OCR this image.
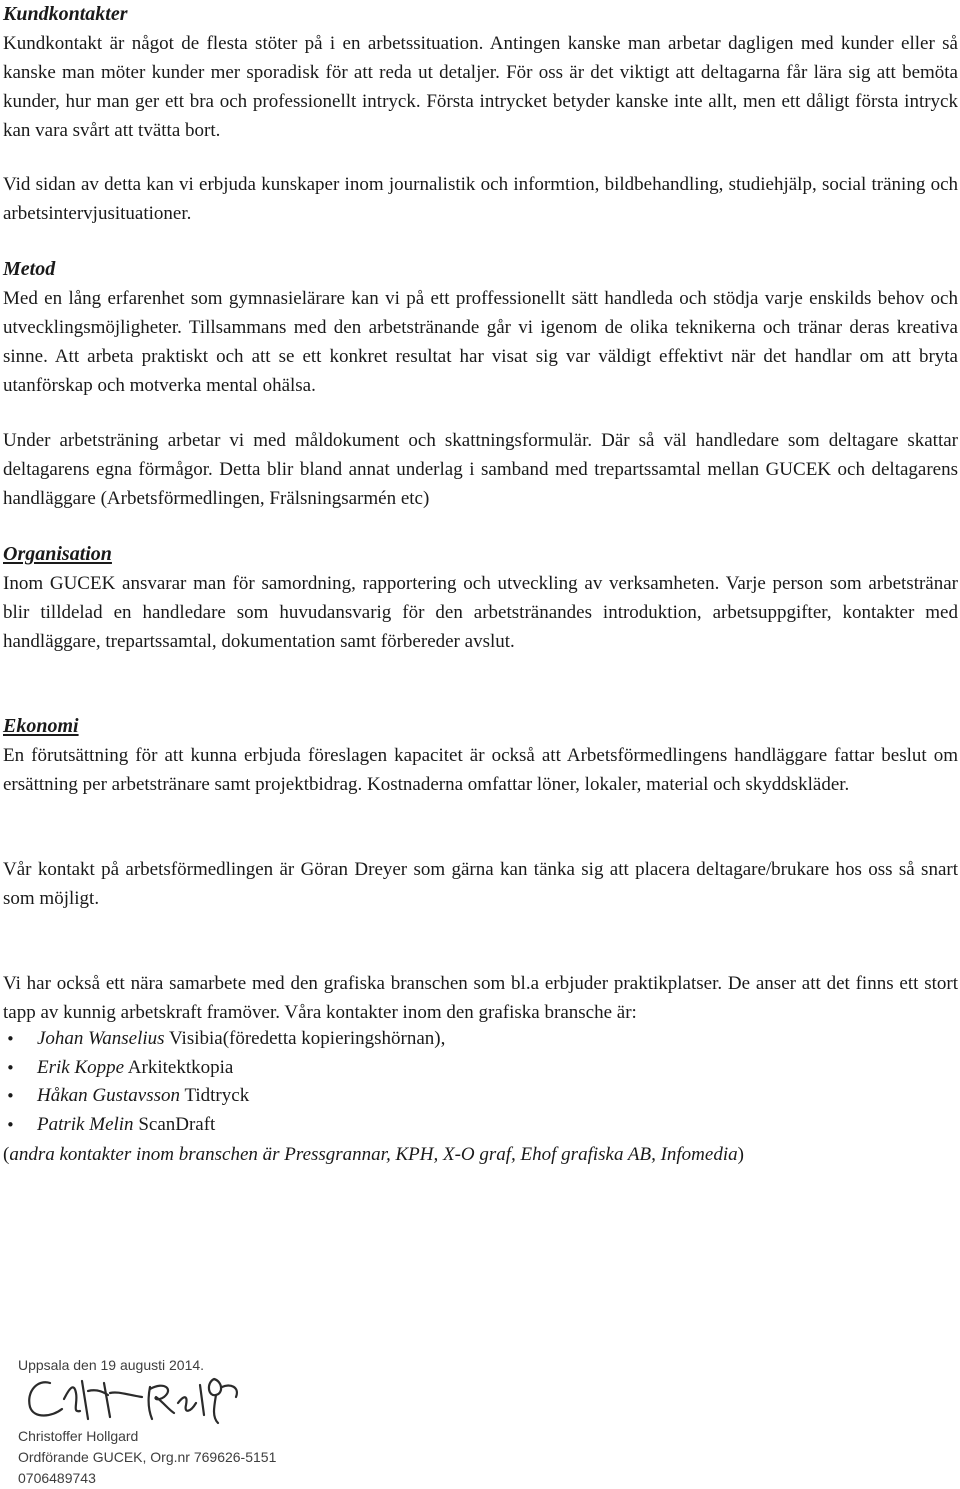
Kundkontakter

Kundkontakt är något de flesta stöter på i en arbetssituation. Antingen kanske man arbetar dagligen med kunder eller så kanske man möter kunder mer sporadisk för att reda ut detaljer. För oss är det viktigt att deltagarna får lära sig att bemöta kunder, hur man ger ett bra och professionellt intryck. Första intrycket betyder kanske inte allt, men ett dåligt första intryck kan vara svårt att tvätta bort.

Vid sidan av detta kan vi erbjuda kunskaper inom journalistik och informtion, bildbehandling, studiehjälp, social träning och arbetsintervjusituationer.

Metod

Med en lång erfarenhet som gymnasielärare kan vi på ett proffessionellt sätt handleda och stödja varje enskilds behov och utvecklingsmöjligheter. Tillsammans med den arbetstränande går vi igenom de olika teknikerna och tränar deras kreativa sinne. Att arbeta praktiskt och att se ett konkret resultat har visat sig var väldigt effektivt när det handlar om att bryta utanförskap och motverka mental ohälsa.

Under arbetsträning arbetar vi med måldokument och skattningsformulär. Där så väl handledare som deltagare skattar deltagarens egna förmågor. Detta blir bland annat underlag i samband med trepartssamtal mellan GUCEK och deltagarens handläggare (Arbetsförmedlingen, Frälsningsarmén etc)

Organisation

Inom GUCEK ansvarar man för samordning, rapportering och utveckling av verksamheten. Varje person som arbetstränar blir tilldelad en handledare som huvudansvarig för den arbetstränandes introduktion, arbetsuppgifter, kontakter med handläggare, trepartssamtal, dokumentation samt förbereder avslut.

Ekonomi

En förutsättning för att kunna erbjuda föreslagen kapacitet är också att Arbetsförmedlingens handläggare fattar beslut om ersättning per arbetstränare samt projektbidrag. Kostnaderna omfattar löner, lokaler, material och skyddskläder.

Vår kontakt på arbetsförmedlingen är Göran Dreyer som gärna kan tänka sig att placera deltagare/brukare hos oss så snart som möjligt.

Vi har också ett nära samarbete med den grafiska branschen som bl.a erbjuder praktikplatser. De anser att det finns ett stort tapp av kunnig arbetskraft framöver. Våra kontakter inom den grafiska bransche är:

• Johan Wanselius Visibia(föredetta kopieringshörnan),
• Erik Koppe Arkitektkopia
• Håkan Gustavsson Tidtryck
• Patrik Melin ScanDraft
(andra kontakter inom branschen är Pressgrannar, KPH, X-O graf, Ehof grafiska AB, Infomedia)
Uppsala den 19 augusti 2014.
Christoffer Hollgard
Ordförande GUCEK, Org.nr 769626-5151
0706489743
